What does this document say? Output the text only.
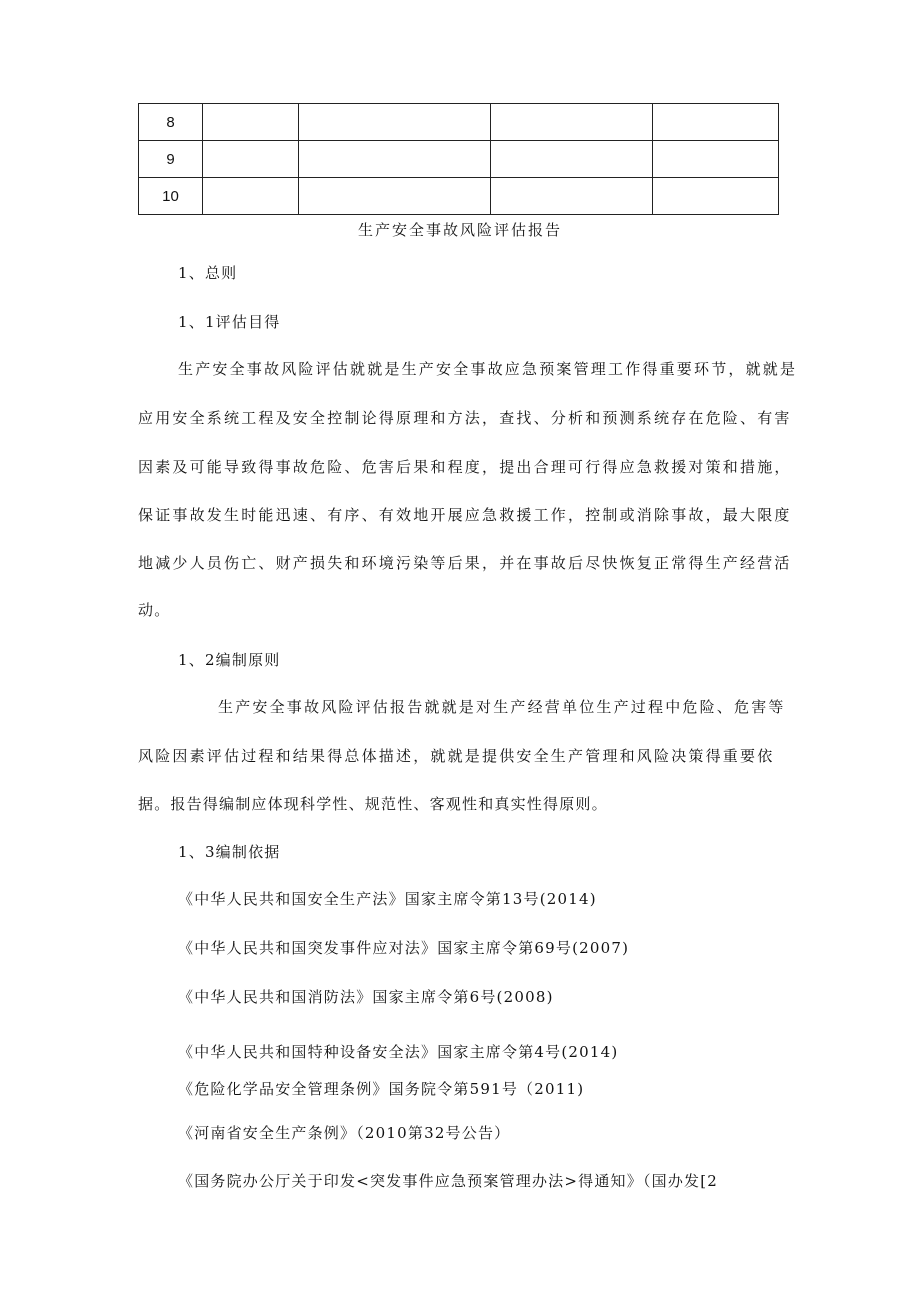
8				
9				
10				
生产安全事故风险评估报告
1、总则
1、1评估目得
生产安全事故风险评估就就是生产安全事故应急预案管理工作得重要环节，就就是
应用安全系统工程及安全控制论得原理和方法，查找、分析和预测系统存在危险、有害
因素及可能导致得事故危险、危害后果和程度，提出合理可行得应急救援对策和措施，
保证事故发生时能迅速、有序、有效地开展应急救援工作，控制或消除事故，最大限度
地减少人员伤亡、财产损失和环境污染等后果，并在事故后尽快恢复正常得生产经营活
动。
1、2编制原则
生产安全事故风险评估报告就就是对生产经营单位生产过程中危险、危害等
风险因素评估过程和结果得总体描述，就就是提供安全生产管理和风险决策得重要依
据。报告得编制应体现科学性、规范性、客观性和真实性得原则。
1、3编制依据
《中华人民共和国安全生产法》国家主席令第13号(2014)
《中华人民共和国突发事件应对法》国家主席令第69号(2007)
《中华人民共和国消防法》国家主席令第6号(2008)
《中华人民共和国特种设备安全法》国家主席令第4号(2014)
《危险化学品安全管理条例》国务院令第591号（2011)
《河南省安全生产条例》（2010第32号公告）
《国务院办公厅关于印发<突发事件应急预案管理办法>得通知》（国办发[2
